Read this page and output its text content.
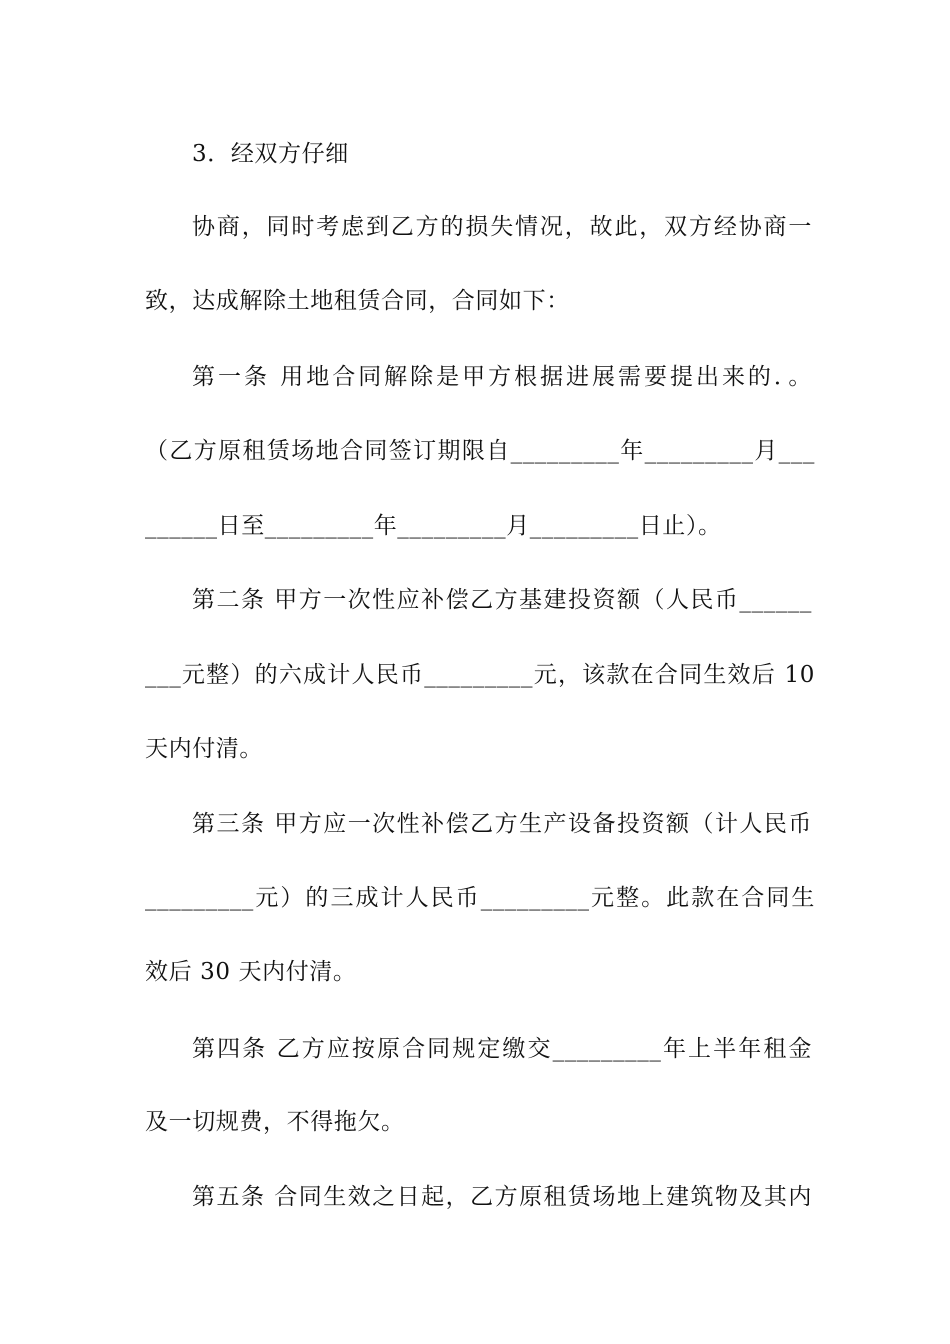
3．经双方仔细
协商，同时考虑到乙方的损失情况，故此，双方经协商一
致，达成解除土地租赁合同，合同如下：
第一条 用地合同解除是甲方根据进展需要提出来的．。
（乙方原租赁场地合同签订期限自_________年_________月___
______日至_________年_________月_________日止）。
第二条 甲方一次性应补偿乙方基建投资额（人民币______
___元整）的六成计人民币_________元，该款在合同生效后 10
天内付清。
第三条 甲方应一次性补偿乙方生产设备投资额（计人民币
_________元）的三成计人民币_________元整。此款在合同生
效后 30 天内付清。
第四条 乙方应按原合同规定缴交_________年上半年租金
及一切规费，不得拖欠。
第五条 合同生效之日起，乙方原租赁场地上建筑物及其内
